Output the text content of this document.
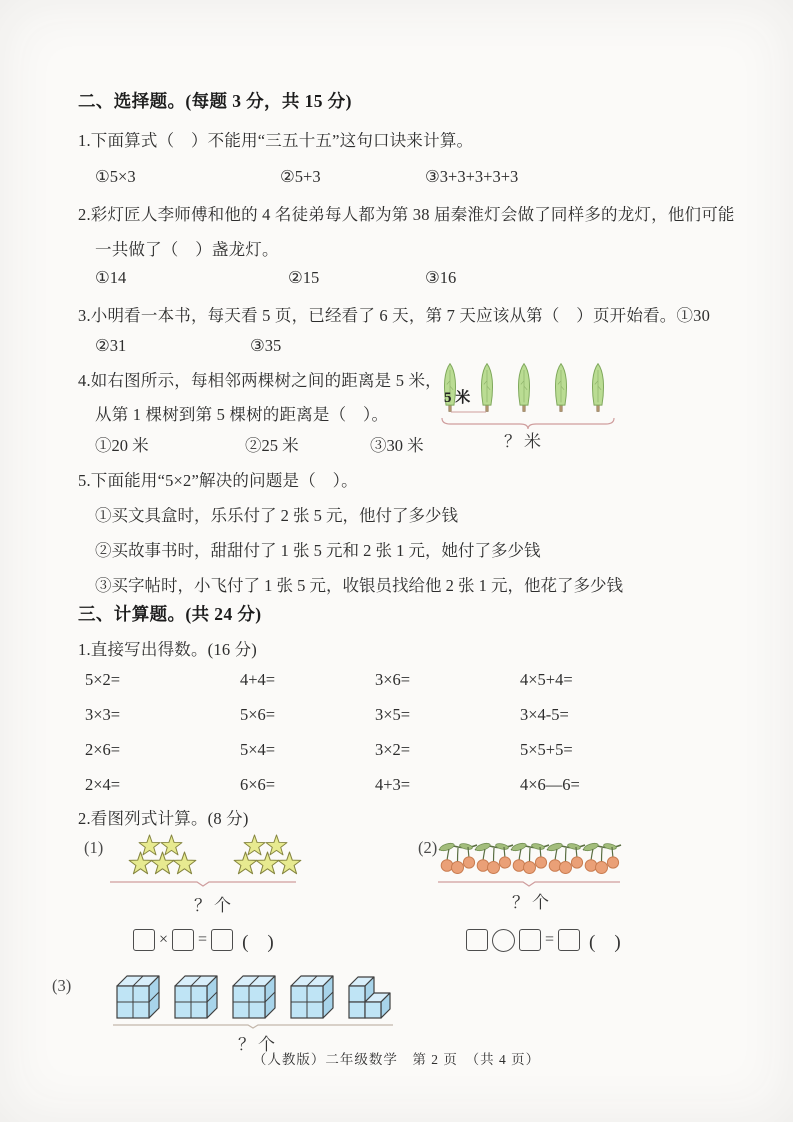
二、选择题。(每题 3 分，共 15 分)
1.下面算式（　）不能用“三五十五”这句口诀来计算。
①5×3	②5+3	③3+3+3+3+3
2.彩灯匠人李师傅和他的 4 名徒弟每人都为第 38 届秦淮灯会做了同样多的龙灯，他们可能
一共做了（　）盏龙灯。
①14	②15	③16
3.小明看一本书，每天看 5 页，已经看了 6 天，第 7 天应该从第（　）页开始看。①30
②31	③35
4.如右图所示，每相邻两棵树之间的距离是 5 米，
从第 1 棵树到第 5 棵树的距离是（　）。
①20 米	②25 米	③30 米
5 米
？米
5.下面能用“5×2”解决的问题是（　）。
①买文具盒时，乐乐付了 2 张 5 元，他付了多少钱
②买故事书时，甜甜付了 1 张 5 元和 2 张 1 元，她付了多少钱
③买字帖时，小飞付了 1 张 5 元，收银员找给他 2 张 1 元，他花了多少钱
三、计算题。(共 24 分)
1.直接写出得数。(16 分)
5×2=	4+4=	3×6=	4×5+4=
3×3=	5×6=	3×5=	3×4-5=
2×6=	5×4=	3×2=	5×5+5=
2×4=	6×6=	4+3=	4×6—6=
2.看图列式计算。(8 分)
(1)
？个
(2)
？个
× = (　)	= (　)
(3)
？个
（人教版）二年级数学　第 2 页　（共 4 页）
